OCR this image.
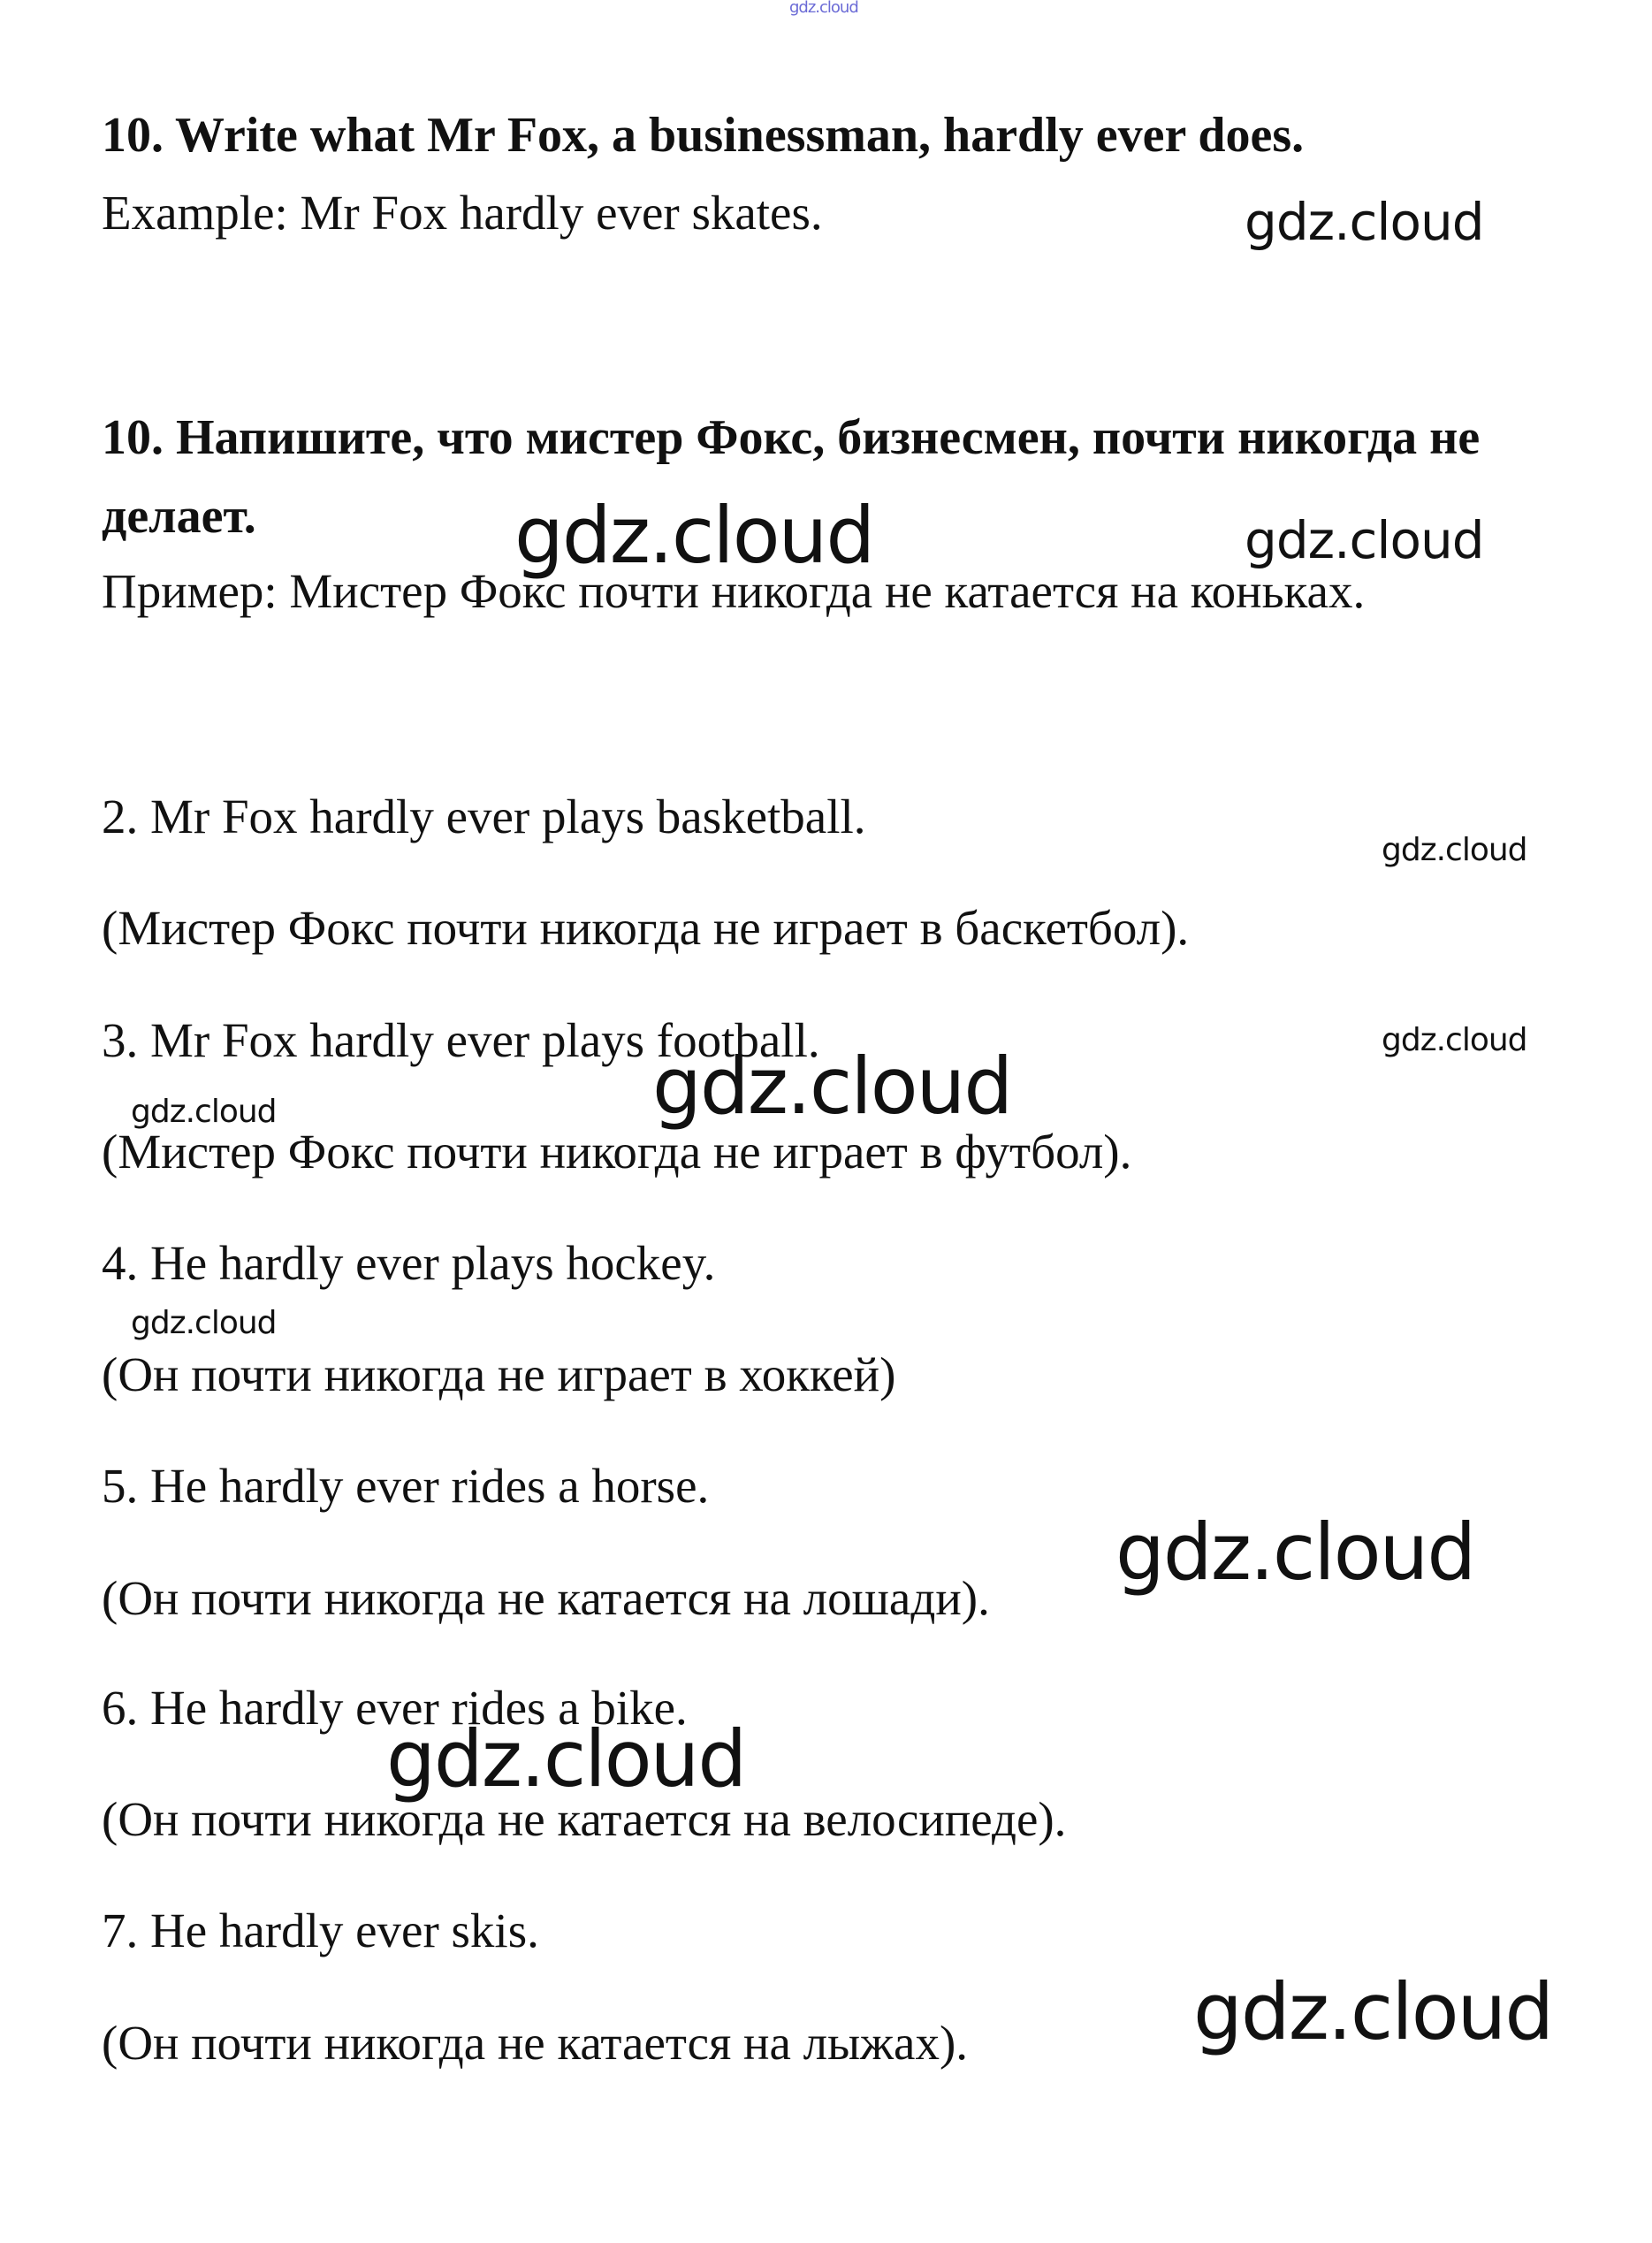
gdz.cloud
10. Write what Mr Fox, a businessman, hardly ever does.
Example: Mr Fox hardly ever skates.	gdz.cloud
10. Напишите, что мистер Фокс, бизнесмен, почти никогда не
делает.
Пример: Мистер Фокс почти никогда не катается на коньках.
gdz.cloud	gdz.cloud
2. Mr Fox hardly ever plays basketball.
gdz.cloud
(Мистер Фокс почти никогда не играет в баскетбол).
3. Mr Fox hardly ever plays football.	gdz.cloud
gdz.cloud
gdz.cloud
(Мистер Фокс почти никогда не играет в футбол).
4. He hardly ever plays hockey.
gdz.cloud
(Он почти никогда не играет в хоккей)
5. He hardly ever rides a horse.
gdz.cloud
(Он почти никогда не катается на лошади).
6. He hardly ever rides a bike.
gdz.cloud
(Он почти никогда не катается на велосипеде).
7. He hardly ever skis.
gdz.cloud
(Он почти никогда не катается на лыжах).
